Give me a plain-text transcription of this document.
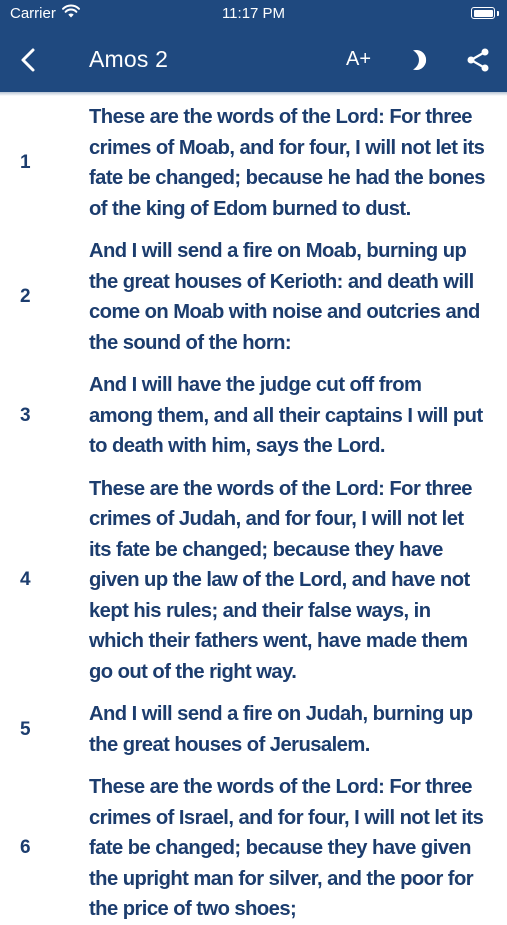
Carrier	11:17 PM
Amos 2	A+
1
These are the words of the Lord: For three crimes of Moab, and for four, I will not let its fate be changed; because he had the bones of the king of Edom burned to dust.
2
And I will send a fire on Moab, burning up the great houses of Kerioth: and death will come on Moab with noise and outcries and the sound of the horn:
3
And I will have the judge cut off from among them, and all their captains I will put to death with him, says the Lord.
4
These are the words of the Lord: For three crimes of Judah, and for four, I will not let its fate be changed; because they have given up the law of the Lord, and have not kept his rules; and their false ways, in which their fathers went, have made them go out of the right way.
5
And I will send a fire on Judah, burning up the great houses of Jerusalem.
6
These are the words of the Lord: For three crimes of Israel, and for four, I will not let its fate be changed; because they have given the upright man for silver, and the poor for the price of two shoes;
